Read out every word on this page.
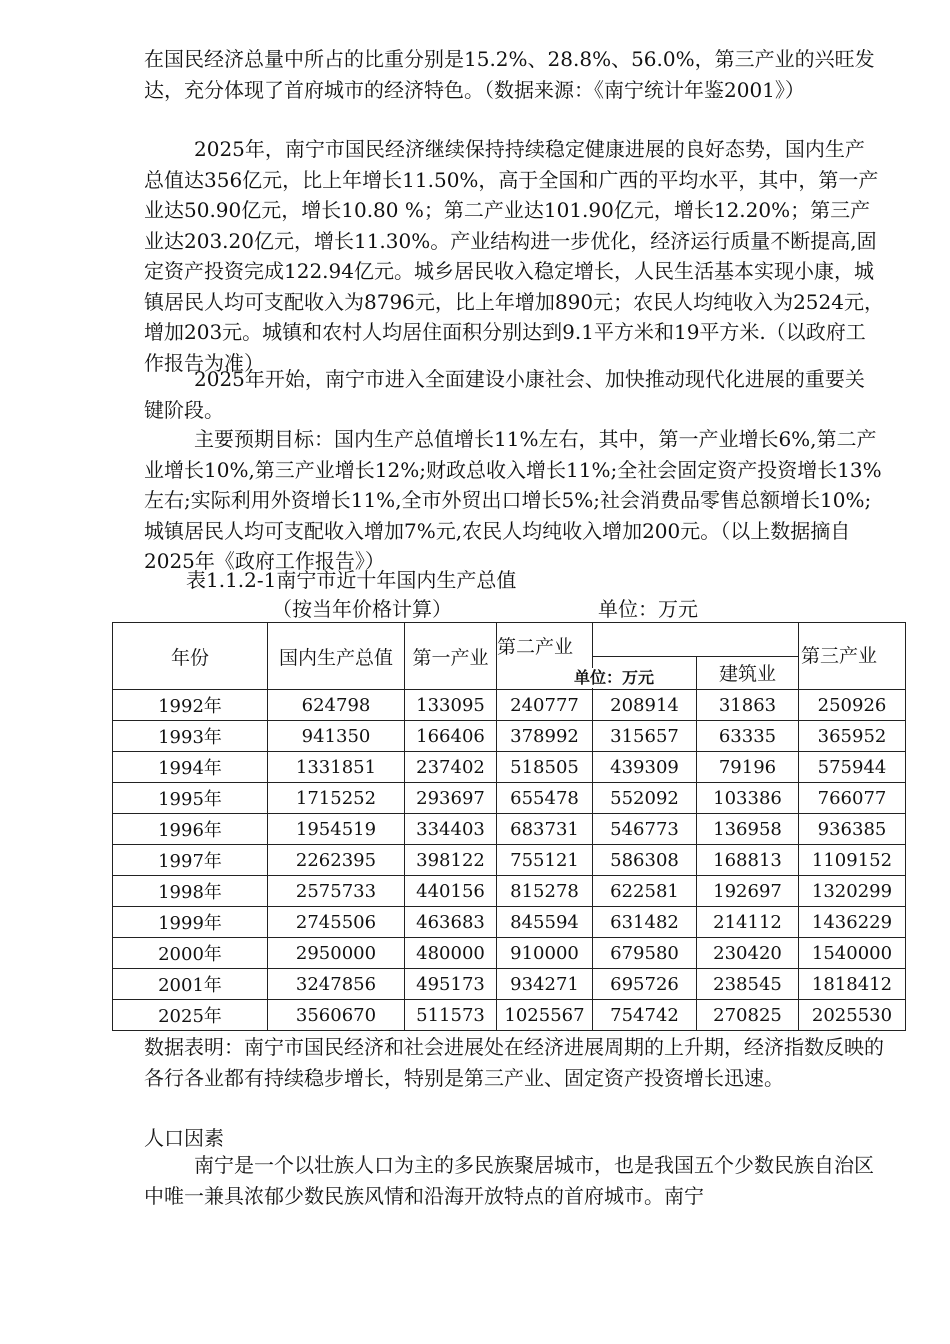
在国民经济总量中所占的比重分别是15.2%、28.8%、56.0%，第三产业的兴旺发达，充分体现了首府城市的经济特色。（数据来源：《南宁统计年鉴2001》）

2025年，南宁市国民经济继续保持持续稳定健康进展的良好态势，国内生产总值达356亿元，比上年增长11.50%，高于全国和广西的平均水平，其中，第一产业达50.90亿元，增长10.80 %；第二产业达101.90亿元，增长12.20%；第三产业达203.20亿元，增长11.30%。产业结构进一步优化，经济运行质量不断提高,固定资产投资完成122.94亿元。城乡居民收入稳定增长，人民生活基本实现小康，城镇居民人均可支配收入为8796元，比上年增加890元；农民人均纯收入为2524元，增加203元。城镇和农村人均居住面积分别达到9.1平方米和19平方米.（以政府工作报告为准）

2025年开始，南宁市进入全面建设小康社会、加快推动现代化进展的重要关键阶段。

主要预期目标：国内生产总值增长11%左右，其中，第一产业增长6%,第二产业增长10%,第三产业增长12%;财政总收入增长11%;全社会固定资产投资增长13%左右;实际利用外资增长11%,全市外贸出口增长5%;社会消费品零售总额增长10%;城镇居民人均可支配收入增加7%元,农民人均纯收入增加200元。（以上数据摘自2025年《政府工作报告》）

表1.1.2-1南宁市近十年国内生产总值
（按当年价格计算）	单位：万元
年份	国内生产总值	第一产业	第二产业			第三产业
					建筑业	
1992年	624798	133095	240777	208914	31863	250926
1993年	941350	166406	378992	315657	63335	365952
1994年	1331851	237402	518505	439309	79196	575944
1995年	1715252	293697	655478	552092	103386	766077
1996年	1954519	334403	683731	546773	136958	936385
1997年	2262395	398122	755121	586308	168813	1109152
1998年	2575733	440156	815278	622581	192697	1320299
1999年	2745506	463683	845594	631482	214112	1436229
2000年	2950000	480000	910000	679580	230420	1540000
2001年	3247856	495173	934271	695726	238545	1818412
2025年	3560670	511573	1025567	754742	270825	2025530
单位：万元

数据表明：南宁市国民经济和社会进展处在经济进展周期的上升期，经济指数反映的各行各业都有持续稳步增长，特别是第三产业、固定资产投资增长迅速。

人口因素

南宁是一个以壮族人口为主的多民族聚居城市，也是我国五个少数民族自治区中唯一兼具浓郁少数民族风情和沿海开放特点的首府城市。南宁
